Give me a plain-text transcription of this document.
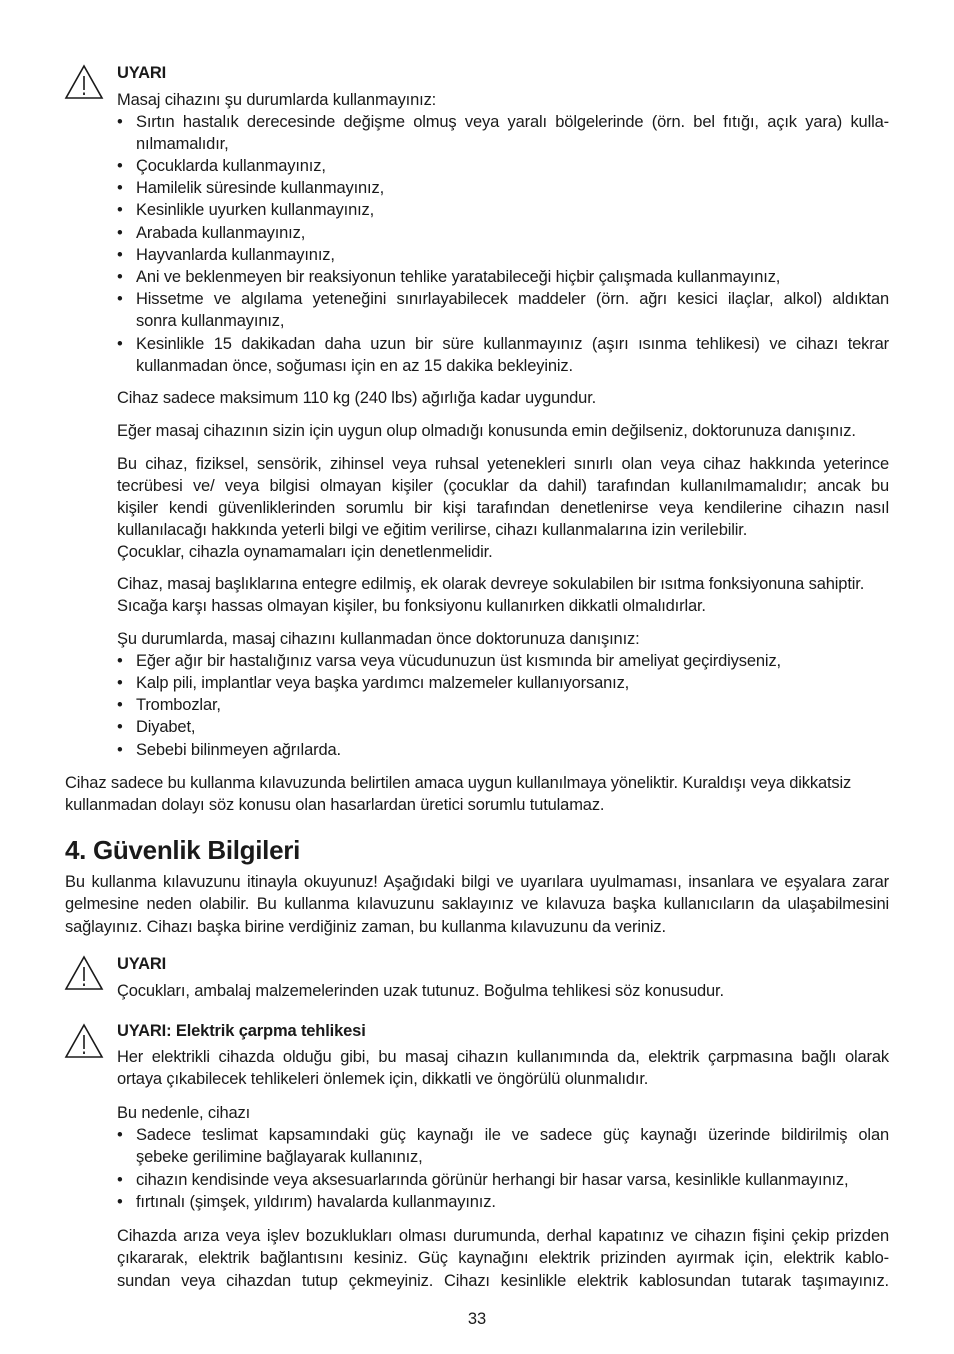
UYARI
Masaj cihazını şu durumlarda kullanmayınız:
• Sırtın hastalık derecesinde değişme olmuş veya yaralı bölgelerinde (örn. bel fıtığı, açık yara) kulla-
nılmamalıdır,
• Çocuklarda kullanmayınız,
• Hamilelik süresinde kullanmayınız,
• Kesinlikle uyurken kullanmayınız,
• Arabada kullanmayınız,
• Hayvanlarda kullanmayınız,
• Ani ve beklenmeyen bir reaksiyonun tehlike yaratabileceği hiçbir çalışmada kullanmayınız,
• Hissetme ve algılama yeteneğini sınırlayabilecek maddeler (örn. ağrı kesici ilaçlar, alkol) aldıktan
sonra kullanmayınız,
• Kesinlikle 15 dakikadan daha uzun bir süre kullanmayınız (aşırı ısınma tehlikesi) ve cihazı tekrar
kullanmadan önce, soğuması için en az 15 dakika bekleyiniz.
Cihaz sadece maksimum 110 kg (240 lbs) ağırlığa kadar uygundur.
Eğer masaj cihazının sizin için uygun olup olmadığı konusunda emin değilseniz, doktorunuza danışınız.
Bu cihaz, fiziksel, sensörik, zihinsel veya ruhsal yetenekleri sınırlı olan veya cihaz hakkında yeterince
tecrübesi ve/ veya bilgisi olmayan kişiler (çocuklar da dahil) tarafından kullanılmamalıdır; ancak bu
kişiler kendi güvenliklerinden sorumlu bir kişi tarafından denetlenirse veya kendilerine cihazın nasıl
kullanılacağı hakkında yeterli bilgi ve eğitim verilirse, cihazı kullanmalarına izin verilebilir.
Çocuklar, cihazla oynamamaları için denetlenmelidir.
Cihaz, masaj başlıklarına entegre edilmiş, ek olarak devreye sokulabilen bir ısıtma fonksiyonuna sahiptir.
Sıcağa karşı hassas olmayan kişiler, bu fonksiyonu kullanırken dikkatli olmalıdırlar.
Şu durumlarda, masaj cihazını kullanmadan önce doktorunuza danışınız:
• Eğer ağır bir hastalığınız varsa veya vücudunuzun üst kısmında bir ameliyat geçirdiyseniz,
• Kalp pili, implantlar veya başka yardımcı malzemeler kullanıyorsanız,
• Trombozlar,
• Diyabet,
• Sebebi bilinmeyen ağrılarda.
Cihaz sadece bu kullanma kılavuzunda belirtilen amaca uygun kullanılmaya yöneliktir. Kuraldışı veya dikkatsiz
kullanmadan dolayı söz konusu olan hasarlardan üretici sorumlu tutulamaz.
4. Güvenlik Bilgileri
Bu kullanma kılavuzunu itinayla okuyunuz! Aşağıdaki bilgi ve uyarılara uyulmaması, insanlara ve eşyalara zarar
gelmesine neden olabilir. Bu kullanma kılavuzunu saklayınız ve kılavuza başka kullanıcıların da ulaşabilmesini
sağlayınız. Cihazı başka birine verdiğiniz zaman, bu kullanma kılavuzunu da veriniz.
UYARI
Çocukları, ambalaj malzemelerinden uzak tutunuz. Boğulma tehlikesi söz konusudur.
UYARI: Elektrik çarpma tehlikesi
Her elektrikli cihazda olduğu gibi, bu masaj cihazın kullanımında da, elektrik çarpmasına bağlı olarak
ortaya çıkabilecek tehlikeleri önlemek için, dikkatli ve öngörülü olunmalıdır.
Bu nedenle, cihazı
• Sadece teslimat kapsamındaki güç kaynağı ile ve sadece güç kaynağı üzerinde bildirilmiş olan
şebeke gerilimine bağlayarak kullanınız,
• cihazın kendisinde veya aksesuarlarında görünür herhangi bir hasar varsa, kesinlikle kullanmayınız,
• fırtınalı (şimşek, yıldırım) havalarda kullanmayınız.
Cihazda arıza veya işlev bozuklukları olması durumunda, derhal kapatınız ve cihazın fişini çekip prizden
çıkararak, elektrik bağlantısını kesiniz. Güç kaynağını elektrik prizinden ayırmak için, elektrik kablo-
sundan veya cihazdan tutup çekmeyiniz. Cihazı kesinlikle elektrik kablosundan tutarak taşımayınız.
33
